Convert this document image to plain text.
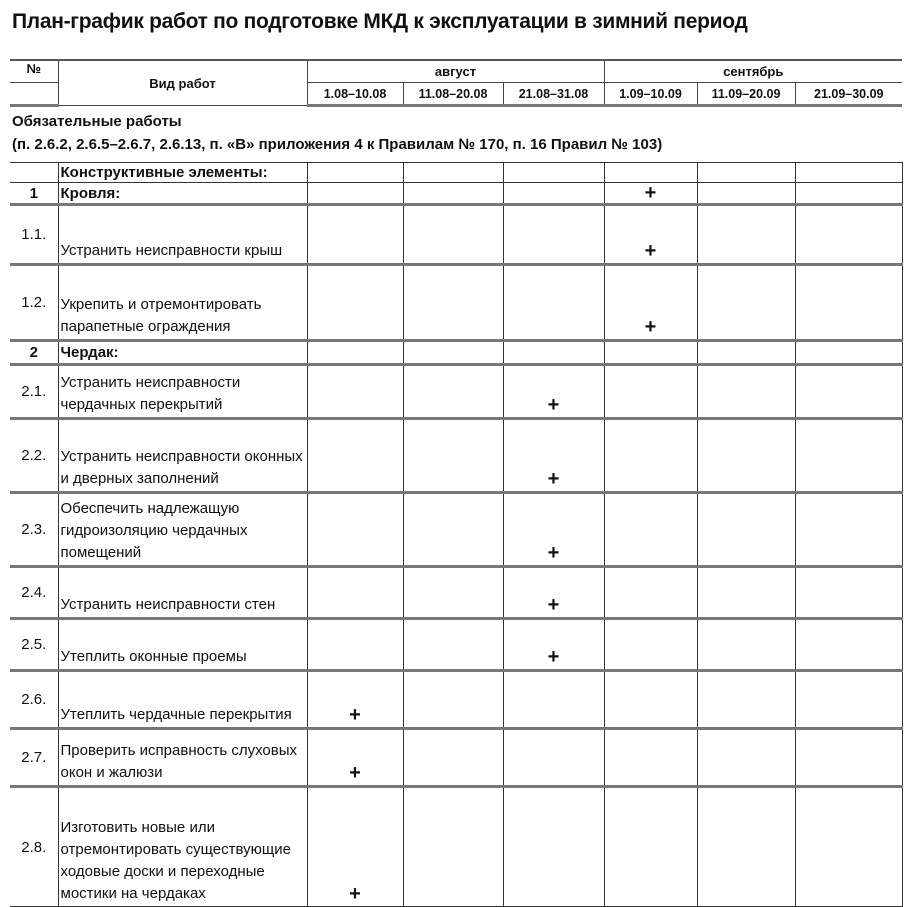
План-график работ по подготовке МКД к эксплуатации в зимний период
№	Вид работ	август			сентябрь		
		1.08–10.08	11.08–20.08	21.08–31.08	1.09–10.09	11.09–20.09	21.09–30.09
Обязательные работы
(п. 2.6.2, 2.6.5–2.6.7, 2.6.13, п. «В» приложения 4 к Правилам № 170, п. 16 Правил № 103)
	Конструктивные элементы:						
1	Кровля:				+		
1.1.	Устранить неисправности крыш				+		
1.2.	Укрепить и отремонтировать парапетные ограждения				+		
2	Чердак:						
2.1.	Устранить неисправности чердачных перекрытий			+			
2.2.	Устранить неисправности оконных и дверных заполнений			+			
2.3.	Обеспечить надлежащую гидроизоляцию чердачных помещений			+			
2.4.	Устранить неисправности стен			+			
2.5.	Утеплить оконные проемы			+			
2.6.	Утеплить чердачные перекрытия	+					
2.7.	Проверить исправность слуховых окон и жалюзи	+					
2.8.	Изготовить новые или отремонтировать существующие ходовые доски и переходные мостики на чердаках	+					
